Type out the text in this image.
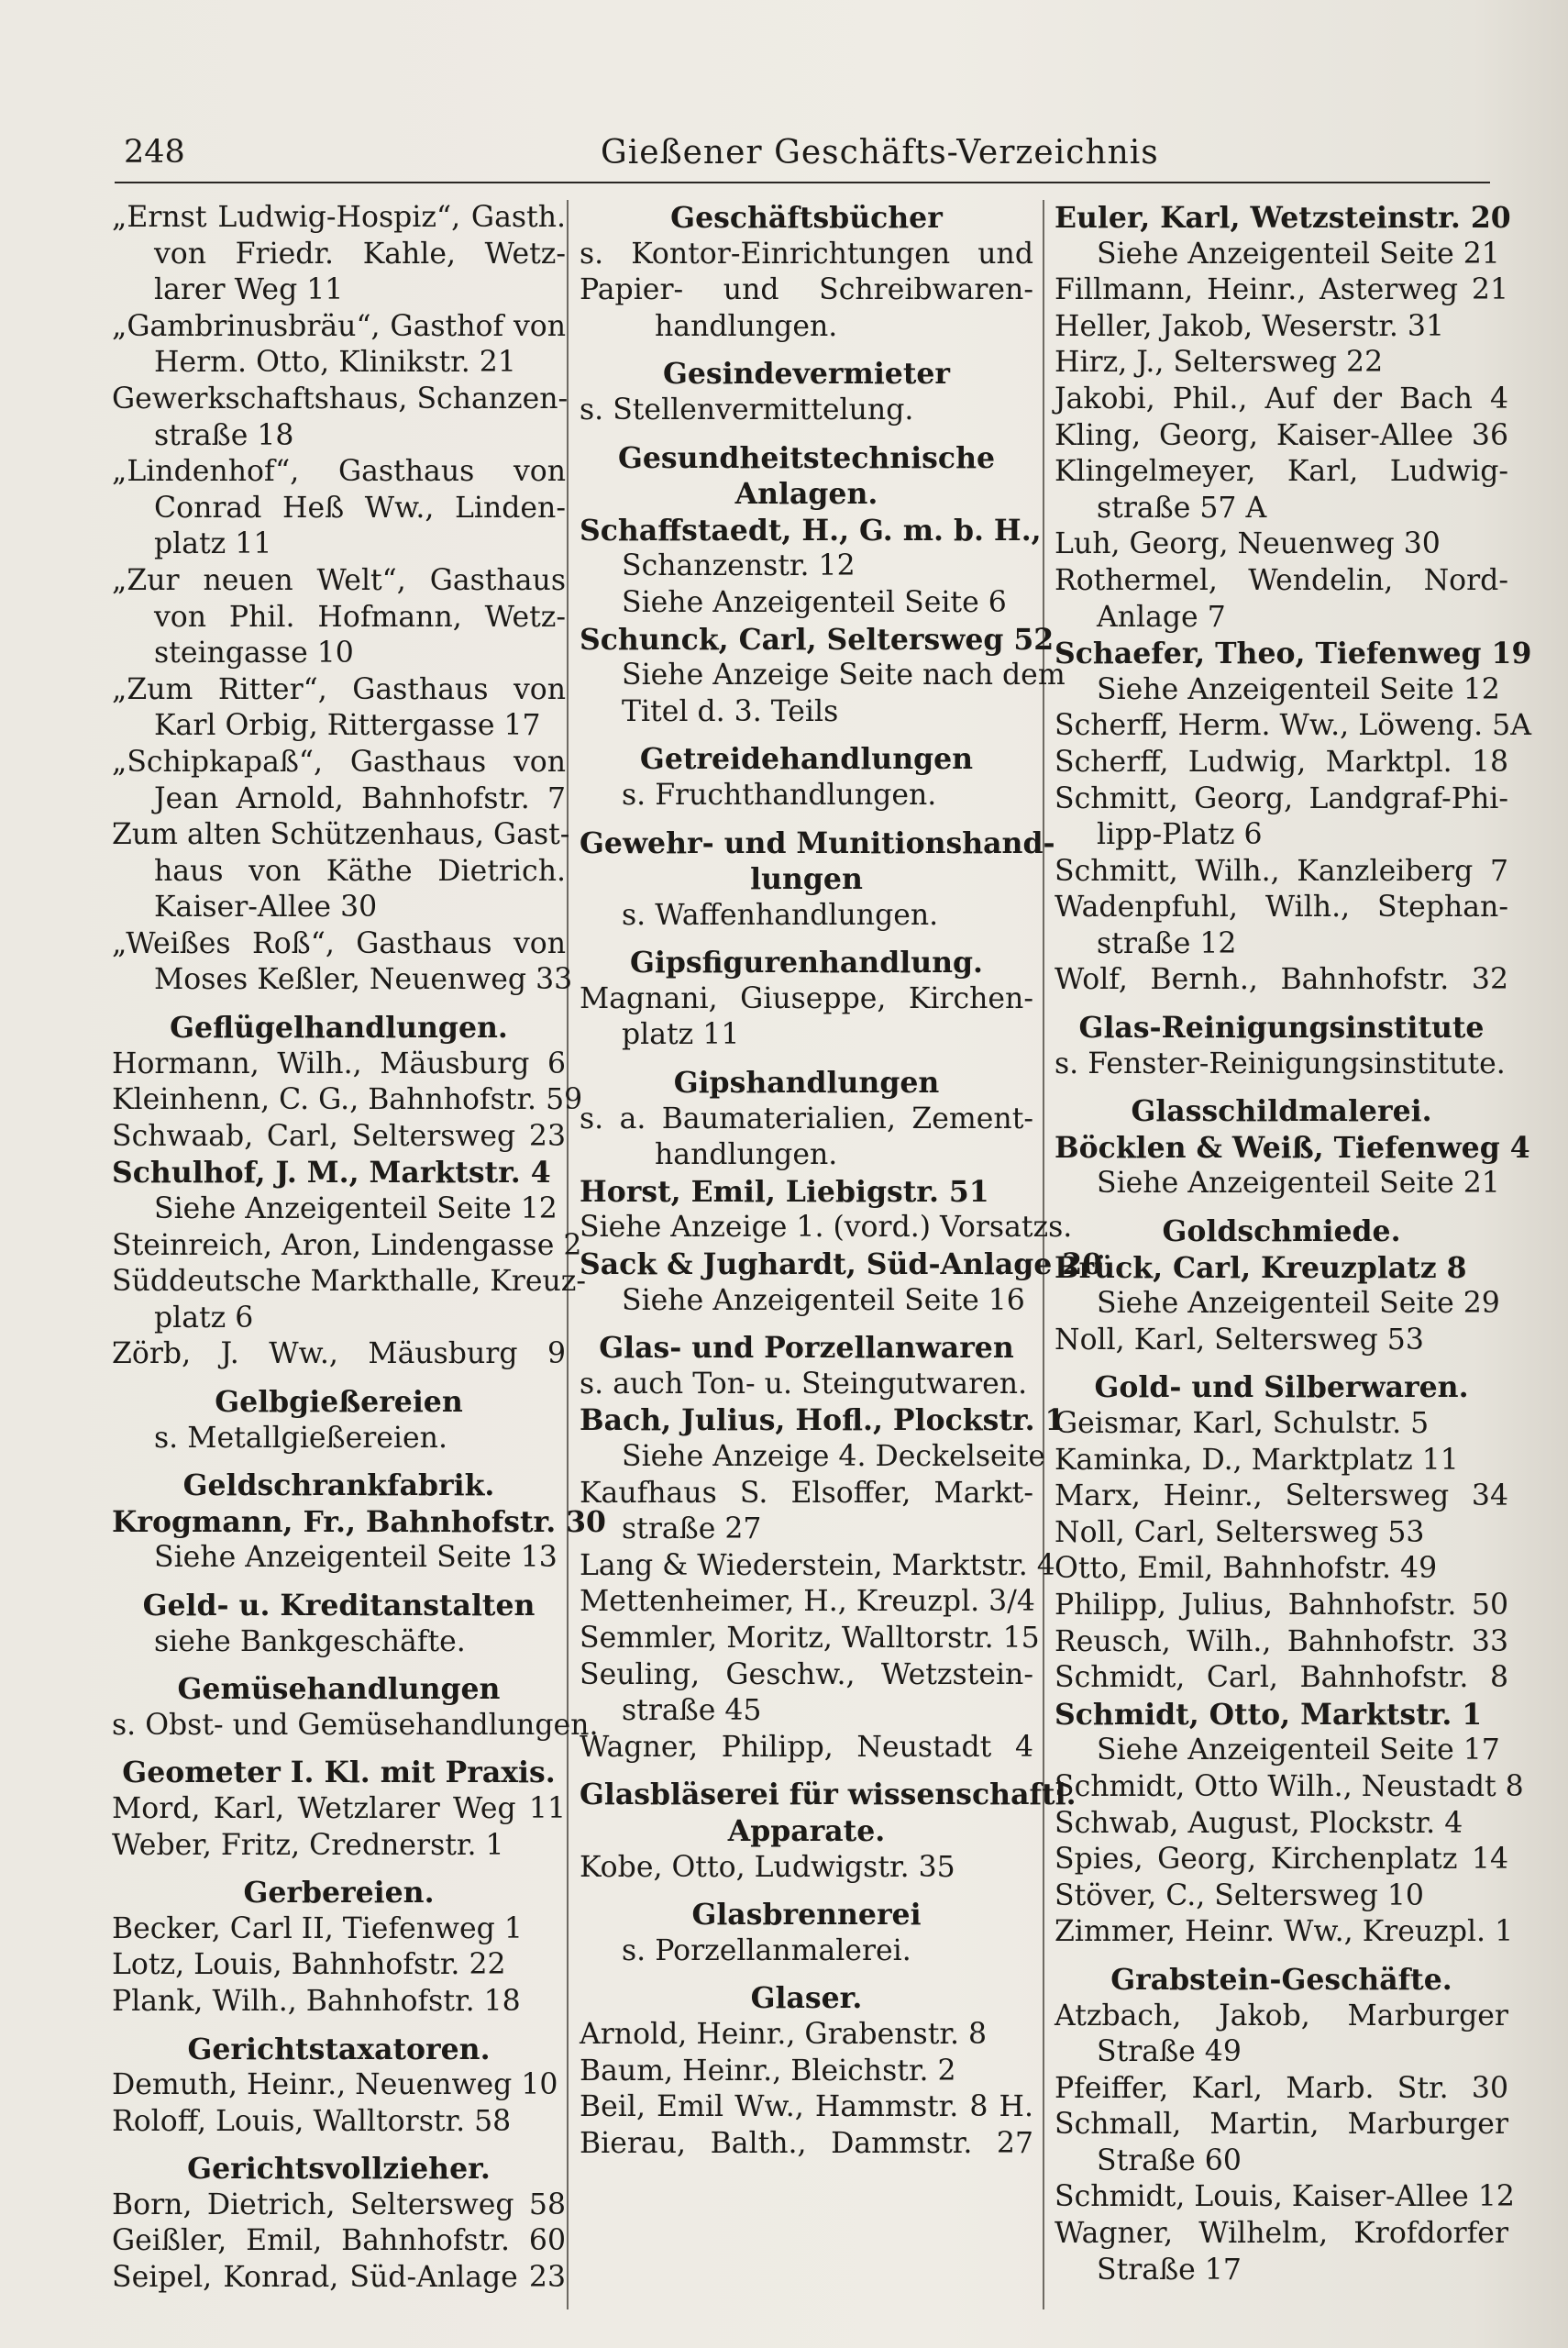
248	Gießener Geschäfts-Verzeichnis
„Ernst Ludwig-Hospiz“, Gasth.
von Friedr. Kahle, Wetz-
larer Weg 11
„Gambrinusbräu“, Gasthof von
Herm. Otto, Klinikstr. 21
Gewerkschaftshaus, Schanzen-
straße 18
„Lindenhof“, Gasthaus von
Conrad Heß Ww., Linden-
platz 11
„Zur neuen Welt“, Gasthaus
von Phil. Hofmann, Wetz-
steingasse 10
„Zum Ritter“, Gasthaus von
Karl Orbig, Rittergasse 17
„Schipkapaß“, Gasthaus von
Jean Arnold, Bahnhofstr. 7
Zum alten Schützenhaus, Gast-
haus von Käthe Dietrich.
Kaiser-Allee 30
„Weißes Roß“, Gasthaus von
Moses Keßler, Neuenweg 33
Geflügelhandlungen.
Hormann, Wilh., Mäusburg 6
Kleinhenn, C. G., Bahnhofstr. 59
Schwaab, Carl, Seltersweg 23
Schulhof, J. M., Marktstr. 4
Siehe Anzeigenteil Seite 12
Steinreich, Aron, Lindengasse 2
Süddeutsche Markthalle, Kreuz-
platz 6
Zörb, J. Ww., Mäusburg 9
Gelbgießereien
s. Metallgießereien.
Geldschrankfabrik.
Krogmann, Fr., Bahnhofstr. 30
Siehe Anzeigenteil Seite 13
Geld- u. Kreditanstalten
siehe Bankgeschäfte.
Gemüsehandlungen
s. Obst- und Gemüsehandlungen.
Geometer I. Kl. mit Praxis.
Mord, Karl, Wetzlarer Weg 11
Weber, Fritz, Crednerstr. 1
Gerbereien.
Becker, Carl II, Tiefenweg 1
Lotz, Louis, Bahnhofstr. 22
Plank, Wilh., Bahnhofstr. 18
Gerichtstaxatoren.
Demuth, Heinr., Neuenweg 10
Roloff, Louis, Walltorstr. 58
Gerichtsvollzieher.
Born, Dietrich, Seltersweg 58
Geißler, Emil, Bahnhofstr. 60
Seipel, Konrad, Süd-Anlage 23
Geschäftsbücher
s. Kontor-Einrichtungen und
Papier- und Schreibwaren-
handlungen.
Gesindevermieter
s. Stellenvermittelung.
Gesundheitstechnische
Anlagen.
Schaffstaedt, H., G. m. b. H.,
Schanzenstr. 12
Siehe Anzeigenteil Seite 6
Schunck, Carl, Seltersweg 52
Siehe Anzeige Seite nach dem
Titel d. 3. Teils
Getreidehandlungen
s. Fruchthandlungen.
Gewehr- und Munitionshand-
lungen
s. Waffenhandlungen.
Gipsfigurenhandlung.
Magnani, Giuseppe, Kirchen-
platz 11
Gipshandlungen
s. a. Baumaterialien, Zement-
handlungen.
Horst, Emil, Liebigstr. 51
Siehe Anzeige 1. (vord.) Vorsatzs.
Sack & Jughardt, Süd-Anlage 20
Siehe Anzeigenteil Seite 16
Glas- und Porzellanwaren
s. auch Ton- u. Steingutwaren.
Bach, Julius, Hofl., Plockstr. 1
Siehe Anzeige 4. Deckelseite
Kaufhaus S. Elsoffer, Markt-
straße 27
Lang & Wiederstein, Marktstr. 4
Mettenheimer, H., Kreuzpl. 3/4
Semmler, Moritz, Walltorstr. 15
Seuling, Geschw., Wetzstein-
straße 45
Wagner, Philipp, Neustadt 4
Glasbläserei für wissenschaftl.
Apparate.
Kobe, Otto, Ludwigstr. 35
Glasbrennerei
s. Porzellanmalerei.
Glaser.
Arnold, Heinr., Grabenstr. 8
Baum, Heinr., Bleichstr. 2
Beil, Emil Ww., Hammstr. 8 H.
Bierau, Balth., Dammstr. 27
Euler, Karl, Wetzsteinstr. 20
Siehe Anzeigenteil Seite 21
Fillmann, Heinr., Asterweg 21
Heller, Jakob, Weserstr. 31
Hirz, J., Seltersweg 22
Jakobi, Phil., Auf der Bach 4
Kling, Georg, Kaiser-Allee 36
Klingelmeyer, Karl, Ludwig-
straße 57 A
Luh, Georg, Neuenweg 30
Rothermel, Wendelin, Nord-
Anlage 7
Schaefer, Theo, Tiefenweg 19
Siehe Anzeigenteil Seite 12
Scherff, Herm. Ww., Löweng. 5A
Scherff, Ludwig, Marktpl. 18
Schmitt, Georg, Landgraf-Phi-
lipp-Platz 6
Schmitt, Wilh., Kanzleiberg 7
Wadenpfuhl, Wilh., Stephan-
straße 12
Wolf, Bernh., Bahnhofstr. 32
Glas-Reinigungsinstitute
s. Fenster-Reinigungsinstitute.
Glasschildmalerei.
Böcklen & Weiß, Tiefenweg 4
Siehe Anzeigenteil Seite 21
Goldschmiede.
Brück, Carl, Kreuzplatz 8
Siehe Anzeigenteil Seite 29
Noll, Karl, Seltersweg 53
Gold- und Silberwaren.
Geismar, Karl, Schulstr. 5
Kaminka, D., Marktplatz 11
Marx, Heinr., Seltersweg 34
Noll, Carl, Seltersweg 53
Otto, Emil, Bahnhofstr. 49
Philipp, Julius, Bahnhofstr. 50
Reusch, Wilh., Bahnhofstr. 33
Schmidt, Carl, Bahnhofstr. 8
Schmidt, Otto, Marktstr. 1
Siehe Anzeigenteil Seite 17
Schmidt, Otto Wilh., Neustadt 8
Schwab, August, Plockstr. 4
Spies, Georg, Kirchenplatz 14
Stöver, C., Seltersweg 10
Zimmer, Heinr. Ww., Kreuzpl. 1
Grabstein-Geschäfte.
Atzbach, Jakob, Marburger
Straße 49
Pfeiffer, Karl, Marb. Str. 30
Schmall, Martin, Marburger
Straße 60
Schmidt, Louis, Kaiser-Allee 12
Wagner, Wilhelm, Krofdorfer
Straße 17
